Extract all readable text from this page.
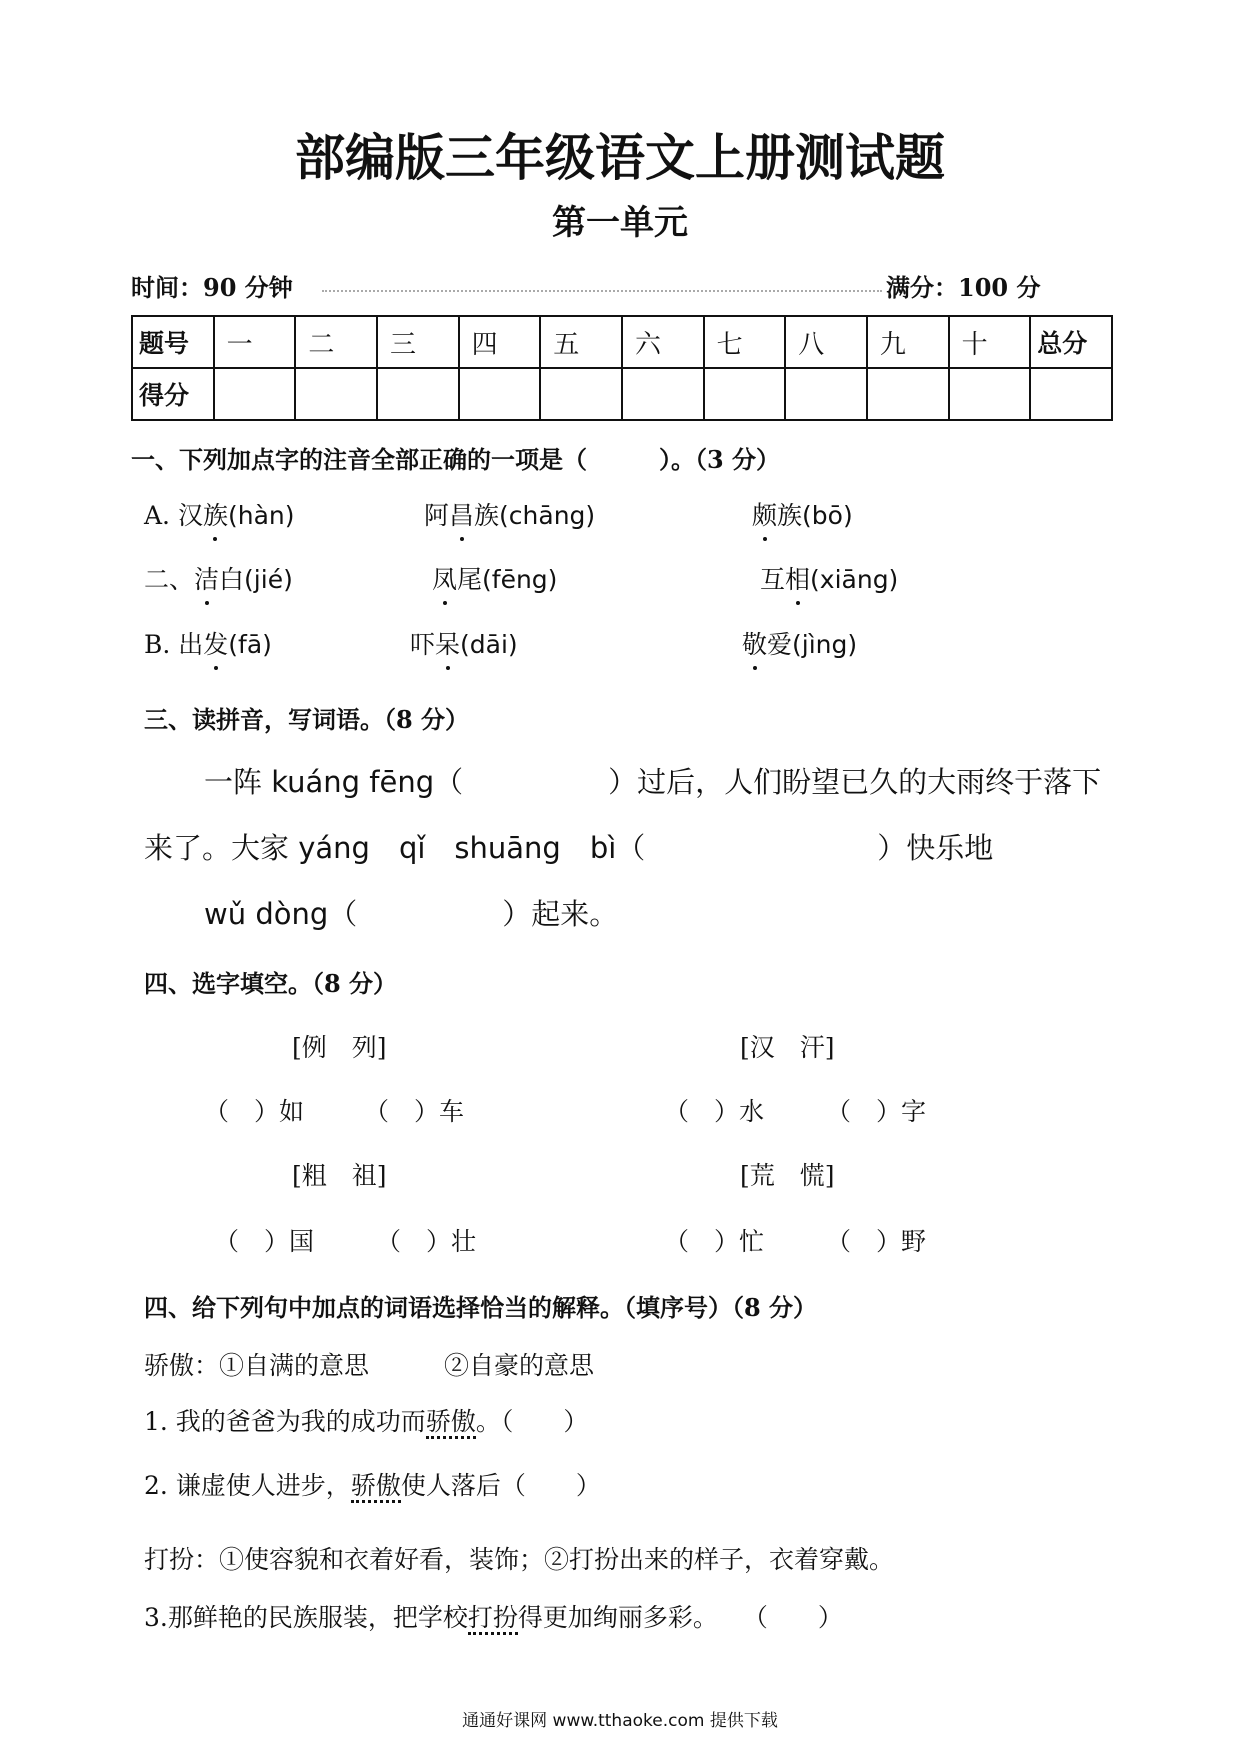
部编版三年级语文上册测试题
第一单元
时间：90 分钟	满分：100 分
题号	一	二	三	四	五	六	七	八	九	十	总分
得分											
一、下列加点字的注音全部正确的一项是（　　　）。（3 分）
A. 汉族(hàn)	阿昌族(chāng)	颇族(bō)
二、洁白(jié)	凤尾(fēng)	互相(xiāng)
B. 出发(fā)	吓呆(dāi)	敬爱(jìng)
三、读拼音，写词语。（8 分）
一阵 kuáng fēng（　　　　　）过后，人们盼望已久的大雨终于落下
来了。大家 yáng　qǐ　shuāng　bì（　　　　　　　　）快乐地
wǔ dòng（　　　　　）起来。
四、选字填空。（8 分）
[例　列]	[汉　汗]
（　）如 （　）车	（　）水 （　）字
[粗　祖]	[荒　慌]
（　）国 （　）壮	（　）忙 （　）野
四、给下列句中加点的词语选择恰当的解释。（填序号）（8 分）
骄傲：①自满的意思　　　②自豪的意思
1. 我的爸爸为我的成功而骄傲。（　　）
2. 谦虚使人进步，骄傲使人落后（　　）
打扮：①使容貌和衣着好看，装饰；②打扮出来的样子，衣着穿戴。
3.那鲜艳的民族服装，把学校打扮得更加绚丽多彩。　　（　　）
通通好课网 www.tthaoke.com 提供下载
